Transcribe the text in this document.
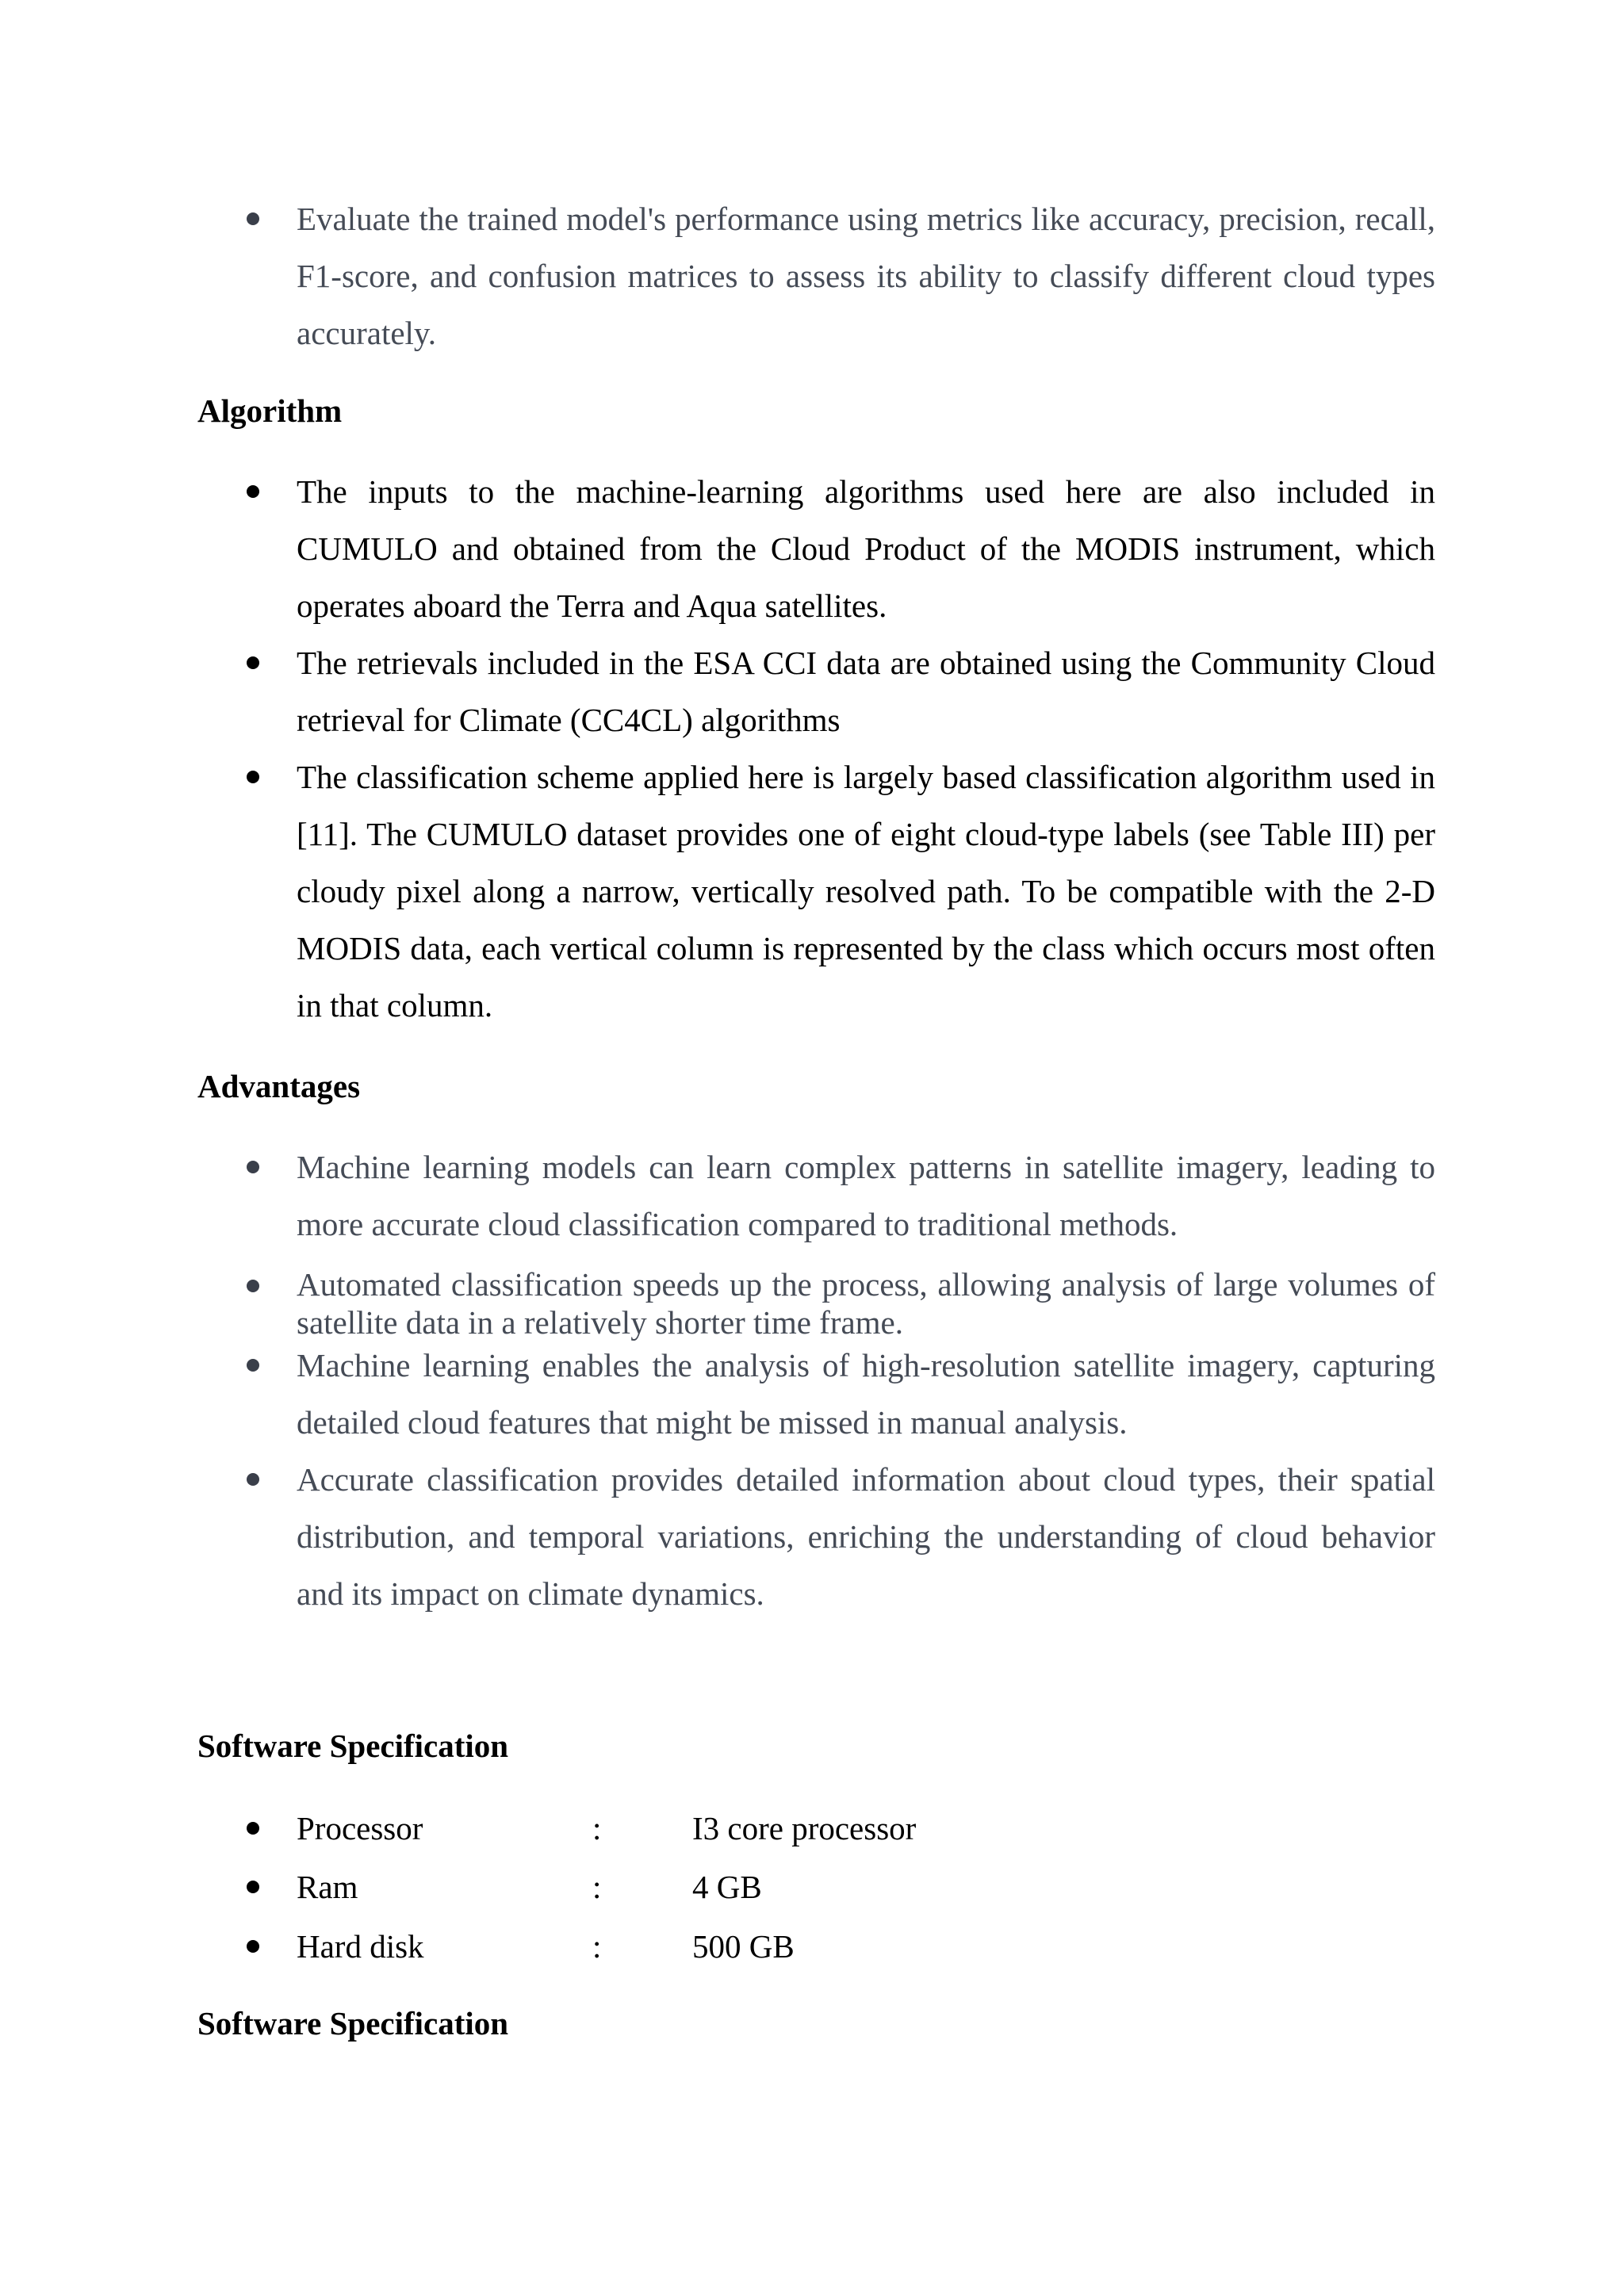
Evaluate the trained model's performance using metrics like accuracy, precision, recall, F1-score, and confusion matrices to assess its ability to classify different cloud types accurately.
Algorithm
The inputs to the machine-learning algorithms used here are also included in CUMULO and obtained from the Cloud Product of the MODIS instrument, which operates aboard the Terra and Aqua satellites.
The retrievals included in the ESA CCI data are obtained using the Community Cloud retrieval for Climate (CC4CL) algorithms
The classification scheme applied here is largely based classification algorithm used in [11]. The CUMULO dataset provides one of eight cloud-type labels (see Table III) per cloudy pixel along a narrow, vertically resolved path. To be compatible with the 2-D MODIS data, each vertical column is represented by the class which occurs most often in that column.
Advantages
Machine learning models can learn complex patterns in satellite imagery, leading to more accurate cloud classification compared to traditional methods.
Automated classification speeds up the process, allowing analysis of large volumes of satellite data in a relatively shorter time frame.
Machine learning enables the analysis of high-resolution satellite imagery, capturing detailed cloud features that might be missed in manual analysis.
Accurate classification provides detailed information about cloud types, their spatial distribution, and temporal variations, enriching the understanding of cloud behavior and its impact on climate dynamics.
Software Specification
Processor	:	I3 core processor
Ram	:	4 GB
Hard disk	:	500 GB
Software Specification
